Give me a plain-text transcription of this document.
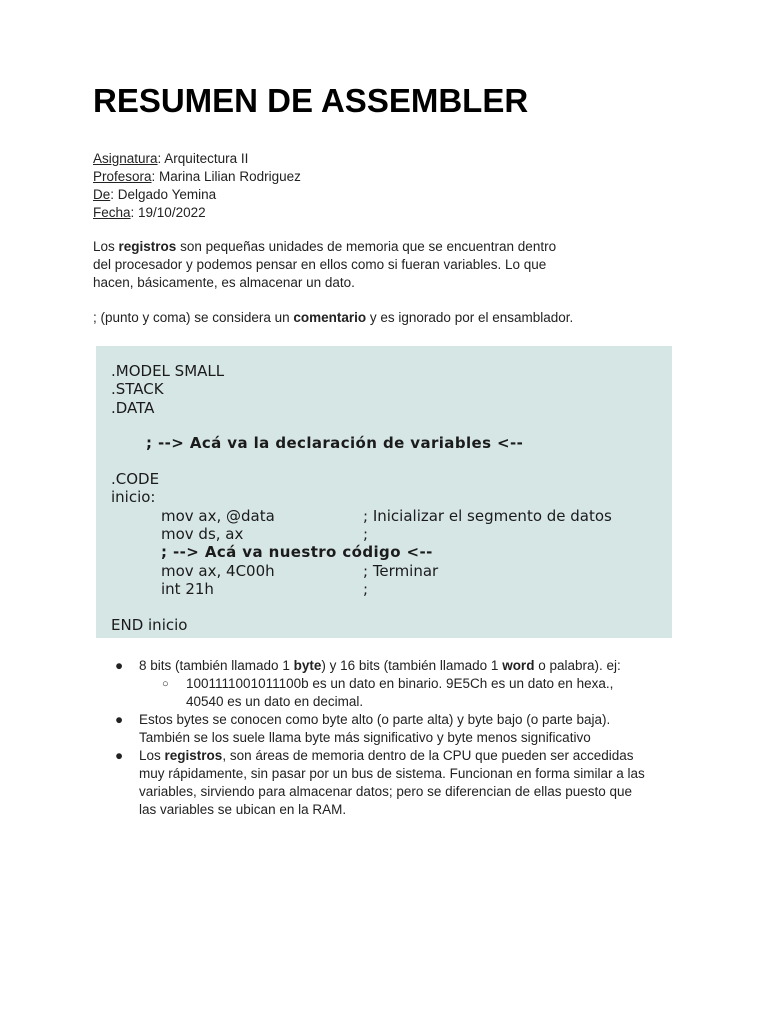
RESUMEN DE ASSEMBLER
Asignatura: Arquitectura II
Profesora: Marina Lilian Rodriguez
De: Delgado Yemina
Fecha: 19/10/2022
Los registros son pequeñas unidades de memoria que se encuentran dentro
del procesador y podemos pensar en ellos como si fueran variables. Lo que
hacen, básicamente, es almacenar un dato.
; (punto y coma) se considera un comentario y es ignorado por el ensamblador.
.MODEL SMALL
.STACK
.DATA
; --> Acá va la declaración de variables <--
.CODE
inicio:
mov ax, @data	; Inicializar el segmento de datos
mov ds, ax	;
; --> Acá va nuestro código <--
mov ax, 4C00h	; Terminar
int 21h	;
END inicio
● 8 bits (también llamado 1 byte) y 16 bits (también llamado 1 word o palabra). ej:
○ 1001111001011100b es un dato en binario. 9E5Ch es un dato en hexa.,
40540 es un dato en decimal.
● Estos bytes se conocen como byte alto (o parte alta) y byte bajo (o parte baja).
También se los suele llama byte más significativo y byte menos significativo
● Los registros, son áreas de memoria dentro de la CPU que pueden ser accedidas
muy rápidamente, sin pasar por un bus de sistema. Funcionan en forma similar a las
variables, sirviendo para almacenar datos; pero se diferencian de ellas puesto que
las variables se ubican en la RAM.
